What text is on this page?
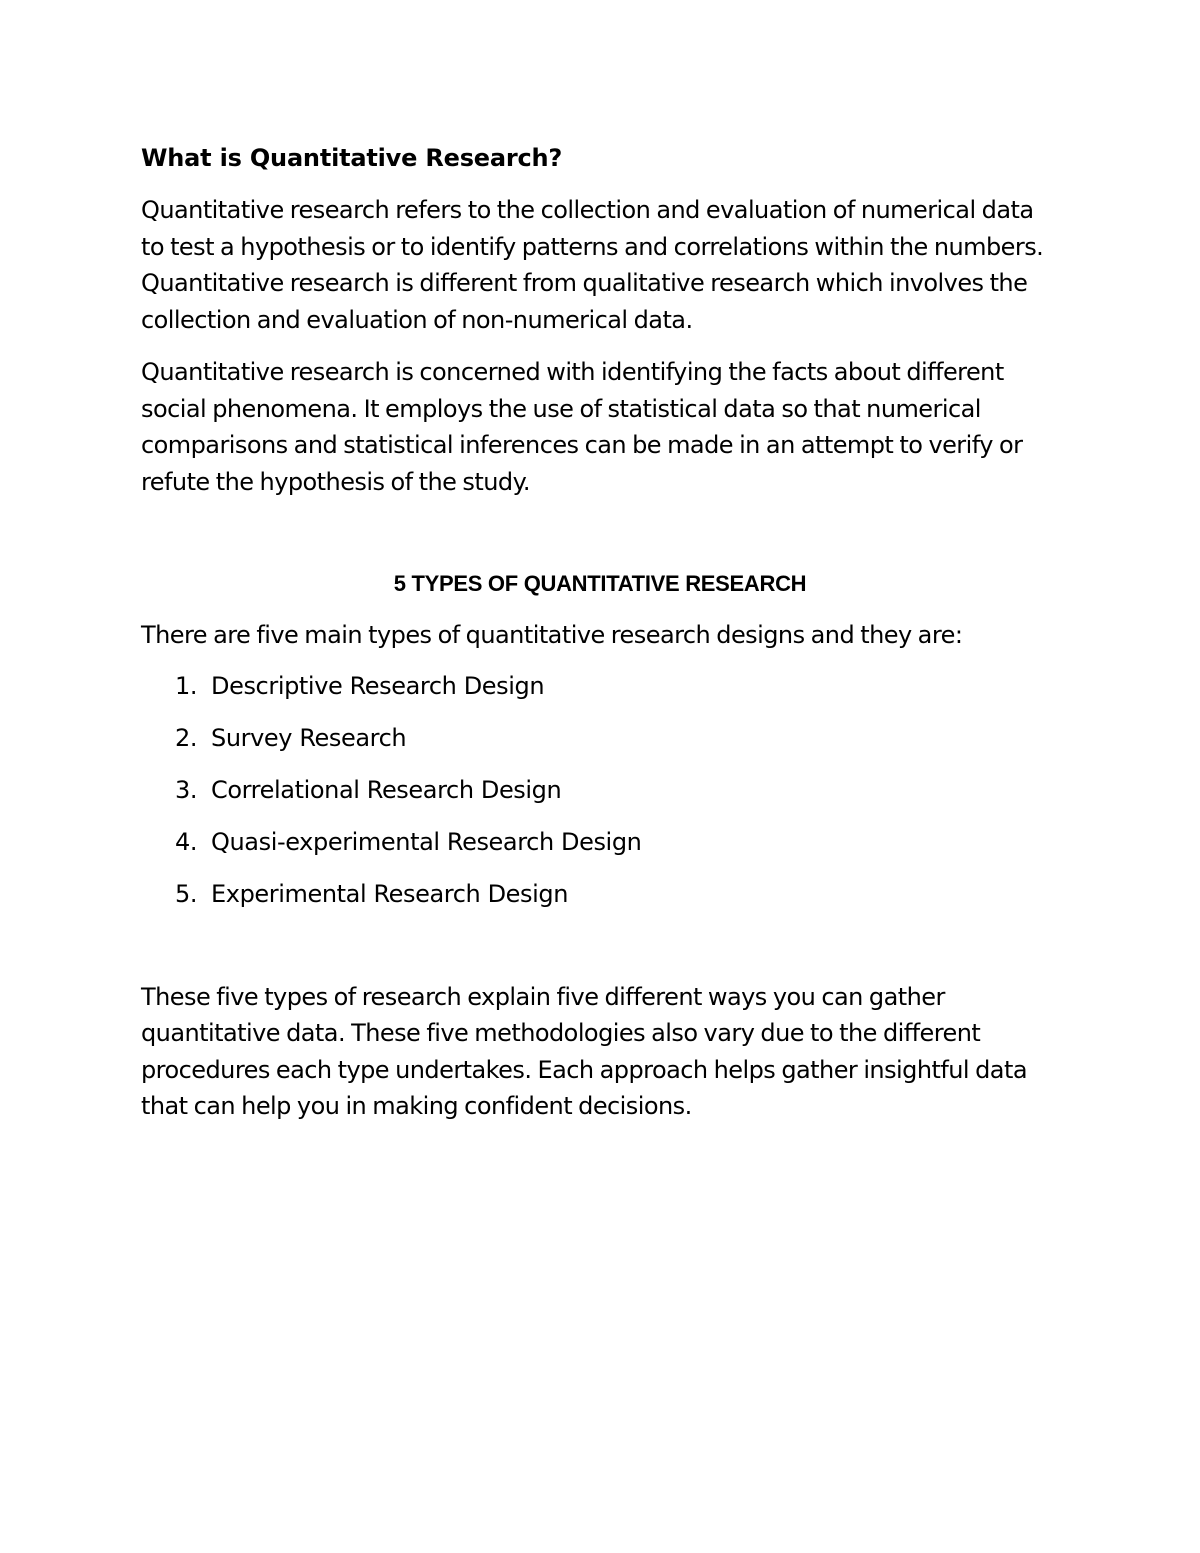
What is Quantitative Research?

Quantitative research refers to the collection and evaluation of numerical data to test a hypothesis or to identify patterns and correlations within the numbers. Quantitative research is different from qualitative research which involves the collection and evaluation of non-numerical data.

Quantitative research is concerned with identifying the facts about different social phenomena. It employs the use of statistical data so that numerical comparisons and statistical inferences can be made in an attempt to verify or refute the hypothesis of the study.

5 TYPES OF QUANTITATIVE RESEARCH

There are five main types of quantitative research designs and they are:

1. Descriptive Research Design
2. Survey Research
3. Correlational Research Design
4. Quasi-experimental Research Design
5. Experimental Research Design

These five types of research explain five different ways you can gather quantitative data. These five methodologies also vary due to the different procedures each type undertakes. Each approach helps gather insightful data that can help you in making confident decisions.
